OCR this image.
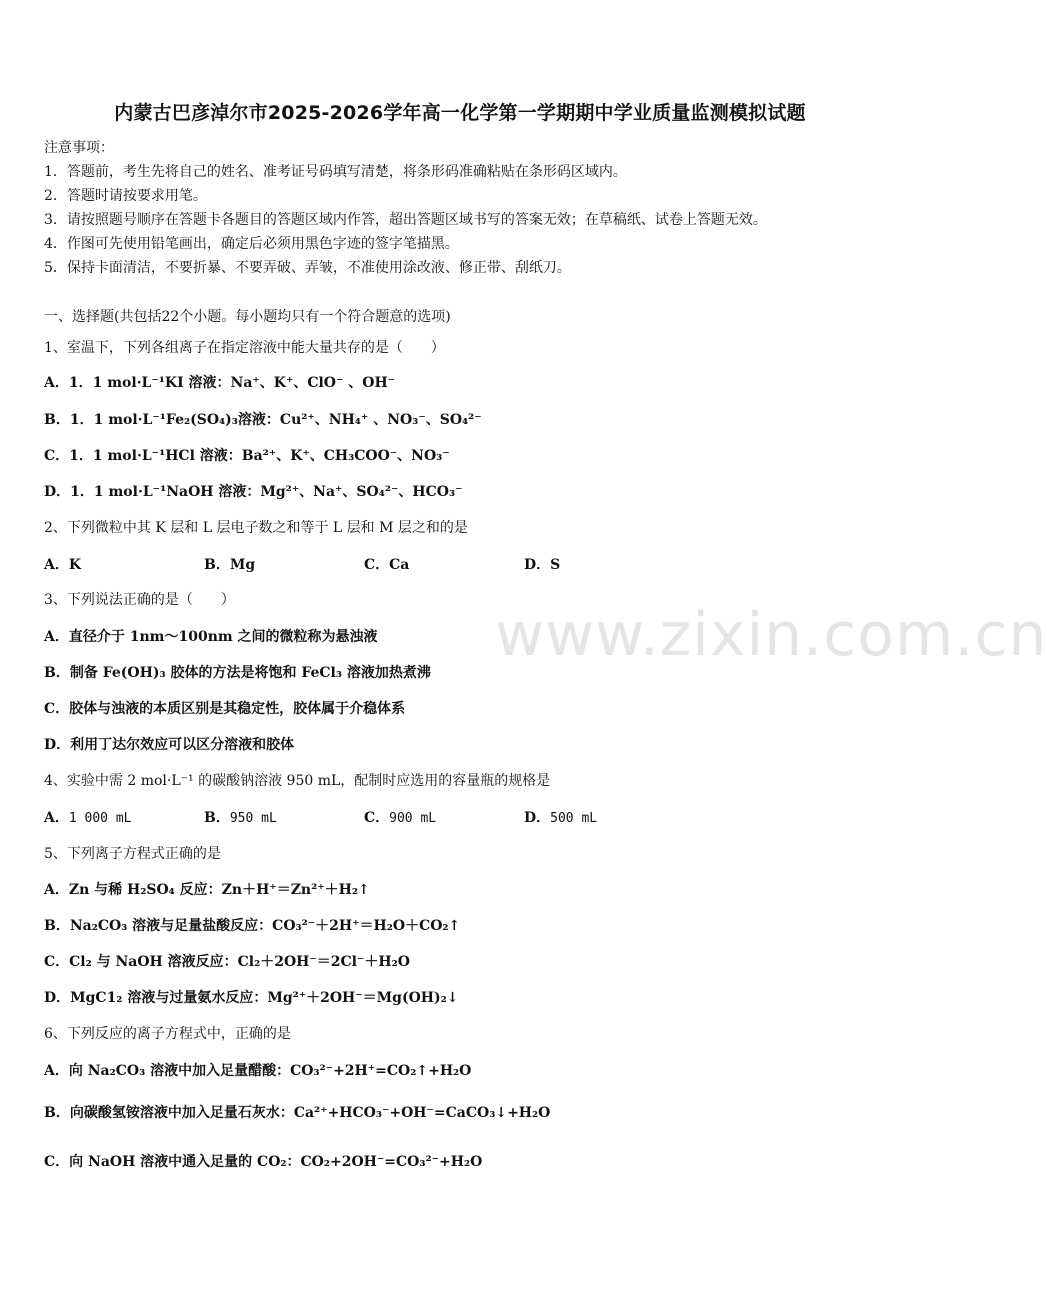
内蒙古巴彦淖尔市2025-2026学年高一化学第一学期期中学业质量监测模拟试题
注意事项：
1．答题前，考生先将自己的姓名、准考证号码填写清楚，将条形码准确粘贴在条形码区域内。
2．答题时请按要求用笔。
3．请按照题号顺序在答题卡各题目的答题区域内作答，超出答题区域书写的答案无效；在草稿纸、试卷上答题无效。
4．作图可先使用铅笔画出，确定后必须用黑色字迹的签字笔描黑。
5．保持卡面清洁，不要折暴、不要弄破、弄皱，不准使用涂改液、修正带、刮纸刀。
一、选择题(共包括22个小题。每小题均只有一个符合题意的选项)
1、室温下，下列各组离子在指定溶液中能大量共存的是（　　）
A．1．1 mol·L⁻¹KI 溶液：Na⁺、K⁺、ClO⁻ 、OH⁻
B．1．1 mol·L⁻¹Fe₂(SO₄)₃溶液：Cu²⁺、NH₄⁺ 、NO₃⁻、SO₄²⁻
C．1．1 mol·L⁻¹HCl 溶液：Ba²⁺、K⁺、CH₃COO⁻、NO₃⁻
D．1．1 mol·L⁻¹NaOH 溶液：Mg²⁺、Na⁺、SO₄²⁻、HCO₃⁻
2、下列微粒中其 K 层和 L 层电子数之和等于 L 层和 M 层之和的是
A．K	B．Mg	C．Ca	D．S
3、下列说法正确的是（　　）
A．直径介于 1nm～100nm 之间的微粒称为悬浊液
B．制备 Fe(OH)₃ 胶体的方法是将饱和 FeCl₃ 溶液加热煮沸
C．胶体与浊液的本质区别是其稳定性，胶体属于介稳体系
D．利用丁达尔效应可以区分溶液和胶体
4、实验中需 2 mol·L⁻¹ 的碳酸钠溶液 950 mL，配制时应选用的容量瓶的规格是
A．1 000 mL	B．950 mL	C．900 mL	D．500 mL
5、下列离子方程式正确的是
A．Zn 与稀 H₂SO₄ 反应：Zn＋H⁺＝Zn²⁺＋H₂↑
B．Na₂CO₃ 溶液与足量盐酸反应：CO₃²⁻＋2H⁺＝H₂O＋CO₂↑
C．Cl₂ 与 NaOH 溶液反应：Cl₂＋2OH⁻＝2Cl⁻＋H₂O
D．MgC1₂ 溶液与过量氨水反应：Mg²⁺＋2OH⁻＝Mg(OH)₂↓
6、下列反应的离子方程式中，正确的是
A．向 Na₂CO₃ 溶液中加入足量醋酸：CO₃²⁻+2H⁺=CO₂↑+H₂O
B．向碳酸氢铵溶液中加入足量石灰水：Ca²⁺+HCO₃⁻+OH⁻=CaCO₃↓+H₂O
C．向 NaOH 溶液中通入足量的 CO₂：CO₂+2OH⁻=CO₃²⁻+H₂O
www.zixin.com.cn
